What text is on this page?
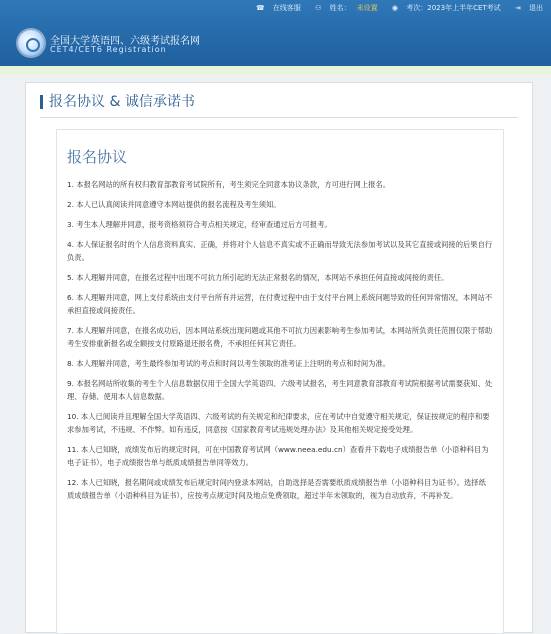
☎ 在线客服 ⚇ 姓名： 未设置 ◉ 考次：2023年上半年CET考试 ⇥ 退出
全国大学英语四、六级考试报名网
CET4/CET6 Registration
报名协议 & 诚信承诺书
报名协议

1. 本报名网站的所有权归教育部教育考试院所有，考生须完全同意本协议条款，方可进行网上报名。

2. 本人已认真阅读并同意遵守本网站提供的报名流程及考生须知。

3. 考生本人理解并同意，报考资格须符合考点相关规定，经审查通过后方可报考。

4. 本人保证报名时的个人信息资料真实、正确，并将对个人信息不真实或不正确而导致无法参加考试以及其它直接或间接的后果自行负责。

5. 本人理解并同意，在报名过程中出现不可抗力所引起的无法正常报名的情况，本网站不承担任何直接或间接的责任。

6. 本人理解并同意，网上支付系统由支付平台所有并运营，在付费过程中由于支付平台网上系统问题导致的任何异常情况，本网站不承担直接或间接责任。

7. 本人理解并同意，在报名成功后，因本网站系统出现问题或其他不可抗力因素影响考生参加考试，本网站所负责任范围仅限于帮助考生安排重新报名或全额按支付原路退还报名费，不承担任何其它责任。

8. 本人理解并同意，考生最终参加考试的考点和时间以考生领取的准考证上注明的考点和时间为准。

9. 本报名网站所收集的考生个人信息数据仅用于全国大学英语四、六级考试报名，考生同意教育部教育考试院根据考试需要获知、处理、存储、使用本人信息数据。

10. 本人已阅读并且理解全国大学英语四、六级考试的有关规定和纪律要求，应在考试中自觉遵守相关规定，保证按规定的程序和要求参加考试，不违规、不作弊。如有违反，同意按《国家教育考试违规处理办法》及其他相关规定接受处理。

11. 本人已知晓，成绩发布后的规定时间，可在中国教育考试网（www.neea.edu.cn）查看并下载电子成绩报告单（小语种科目为电子证书），电子成绩报告单与纸质成绩报告单同等效力。

12. 本人已知晓，报名期间或成绩发布后规定时间内登录本网站，自助选择是否需要纸质成绩报告单（小语种科目为证书）。选择纸质成绩报告单（小语种科目为证书），应按考点规定时间及地点免费领取，超过半年未领取的，视为自动放弃，不再补发。
